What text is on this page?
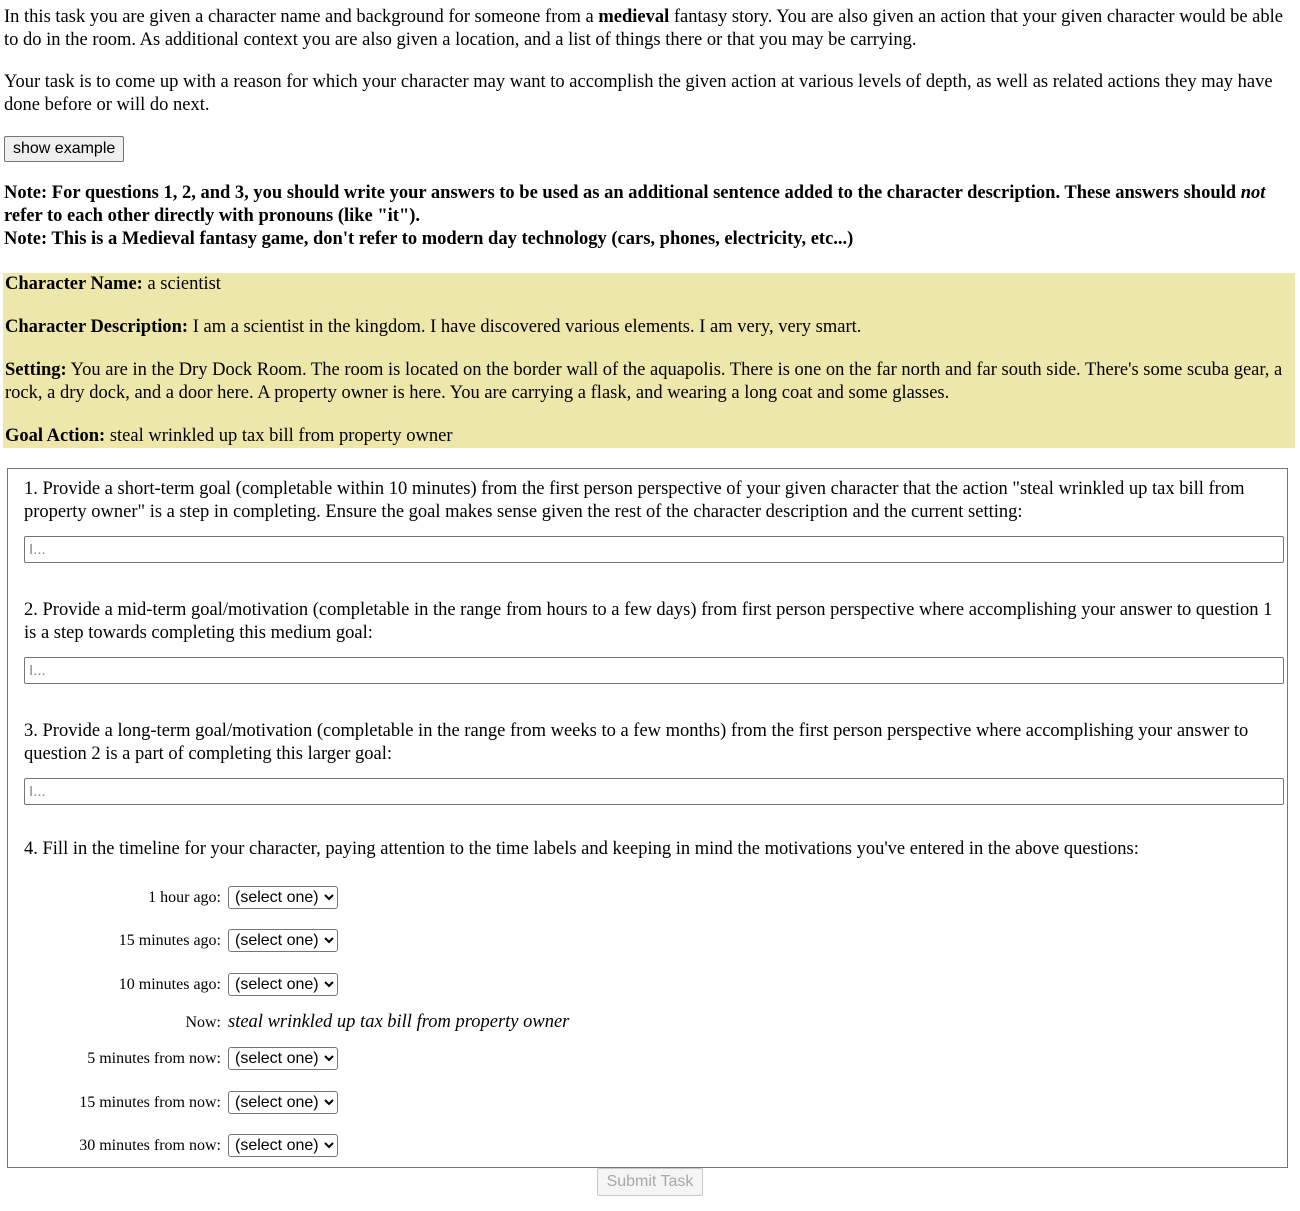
In this task you are given a character name and background for someone from a medieval fantasy story. You are also given an action that your given character would be able to do in the room. As additional context you are also given a location, and a list of things there or that you may be carrying.

Your task is to come up with a reason for which your character may want to accomplish the given action at various levels of depth, as well as related actions they may have done before or will do next.

show example
Note: For questions 1, 2, and 3, you should write your answers to be used as an additional sentence added to the character description. These answers should not refer to each other directly with pronouns (like "it").
Note: This is a Medieval fantasy game, don't refer to modern day technology (cars, phones, electricity, etc...)
Character Name: a scientist
Character Description: I am a scientist in the kingdom. I have discovered various elements. I am very, very smart.
Setting: You are in the Dry Dock Room. The room is located on the border wall of the aquapolis. There is one on the far north and far south side. There's some scuba gear, a rock, a dry dock, and a door here. A property owner is here. You are carrying a flask, and wearing a long coat and some glasses.
Goal Action: steal wrinkled up tax bill from property owner

1. Provide a short-term goal (completable within 10 minutes) from the first person perspective of your given character that the action "steal wrinkled up tax bill from property owner" is a step in completing. Ensure the goal makes sense given the rest of the character description and the current setting:

I...

2. Provide a mid-term goal/motivation (completable in the range from hours to a few days) from first person perspective where accomplishing your answer to question 1 is a step towards completing this medium goal:

I...

3. Provide a long-term goal/motivation (completable in the range from weeks to a few months) from the first person perspective where accomplishing your answer to question 2 is a part of completing this larger goal:

I...

4. Fill in the timeline for your character, paying attention to the time labels and keeping in mind the motivations you've entered in the above questions:

1 hour ago:
(select one)
15 minutes ago:
(select one)
10 minutes ago:
(select one)
Now: steal wrinkled up tax bill from property owner
5 minutes from now:
(select one)
15 minutes from now:
(select one)
30 minutes from now:
(select one)
Submit Task
